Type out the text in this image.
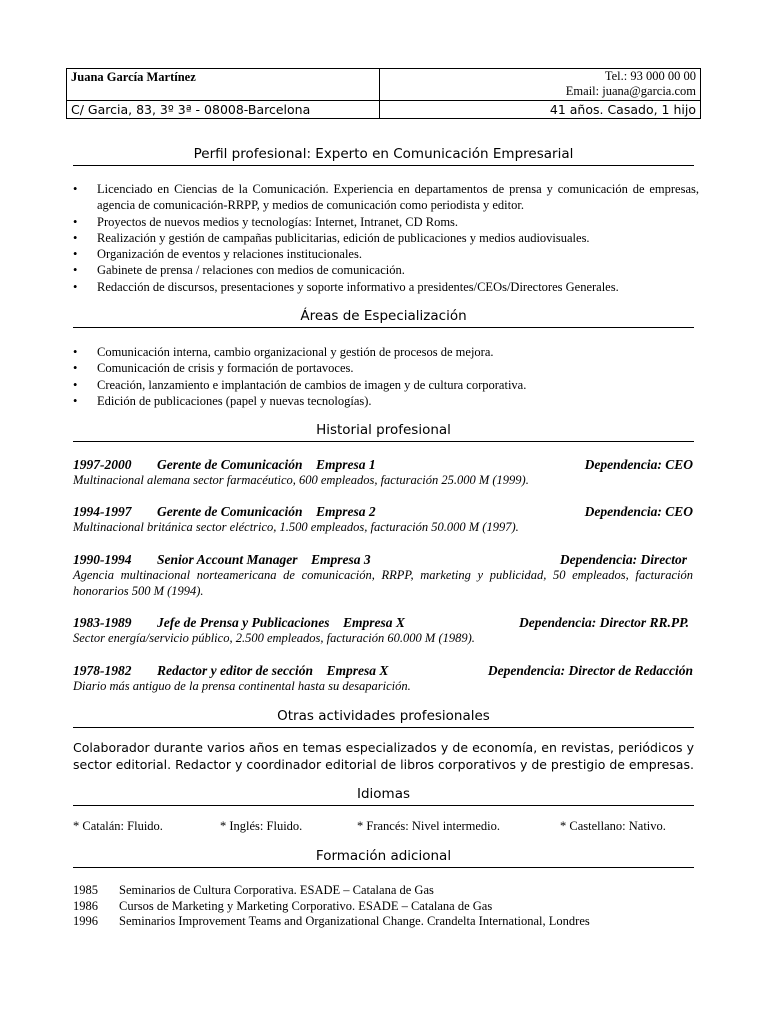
Juana García Martínez	Tel.: 93 000 00 00
Email: juana@garcia.com
C/ Garcia, 83, 3º 3ª - 08008-Barcelona	41 años. Casado, 1 hijo
Perfil profesional: Experto en Comunicación Empresarial
• Licenciado en Ciencias de la Comunicación. Experiencia en departamentos de prensa y comunicación de empresas, agencia de comunicación-RRPP, y medios de comunicación como periodista y editor.
• Proyectos de nuevos medios y tecnologías: Internet, Intranet, CD Roms.
• Realización y gestión de campañas publicitarias, edición de publicaciones y medios audiovisuales.
• Organización de eventos y relaciones institucionales.
• Gabinete de prensa / relaciones con medios de comunicación.
• Redacción de discursos, presentaciones y soporte informativo a presidentes/CEOs/Directores Generales.
Áreas de Especialización
• Comunicación interna, cambio organizacional y gestión de procesos de mejora.
• Comunicación de crisis y formación de portavoces.
• Creación, lanzamiento e implantación de cambios de imagen y de cultura corporativa.
• Edición de publicaciones (papel y nuevas tecnologías).
Historial profesional
1997-2000 Gerente de Comunicación    Empresa 1	Dependencia: CEO
Multinacional alemana sector farmacéutico, 600 empleados, facturación 25.000 M (1999).
1994-1997 Gerente de Comunicación    Empresa 2	Dependencia: CEO
Multinacional británica sector eléctrico, 1.500 empleados, facturación 50.000 M (1997).
1990-1994 Senior Account Manager    Empresa 3	Dependencia: Director
Agencia multinacional norteamericana de comunicación, RRPP, marketing y publicidad, 50 empleados, facturación honorarios 500 M (1994).
1983-1989 Jefe de Prensa y Publicaciones    Empresa X	Dependencia: Director RR.PP.
Sector energía/servicio público, 2.500 empleados, facturación 60.000 M (1989).
1978-1982 Redactor y editor de sección    Empresa X	Dependencia: Director de Redacción
Diario más antiguo de la prensa continental hasta su desaparición.
Otras actividades profesionales
Colaborador durante varios años en temas especializados y de economía, en revistas, periódicos y sector editorial. Redactor y coordinador editorial de libros corporativos y de prestigio de empresas.
Idiomas
* Catalán: Fluido.	* Inglés: Fluido.	* Francés: Nivel intermedio.	* Castellano: Nativo.
Formación adicional
1985	Seminarios de Cultura Corporativa. ESADE – Catalana de Gas
1986	Cursos de Marketing y Marketing Corporativo. ESADE – Catalana de Gas
1996	Seminarios Improvement Teams and Organizational Change. Crandelta International, Londres
